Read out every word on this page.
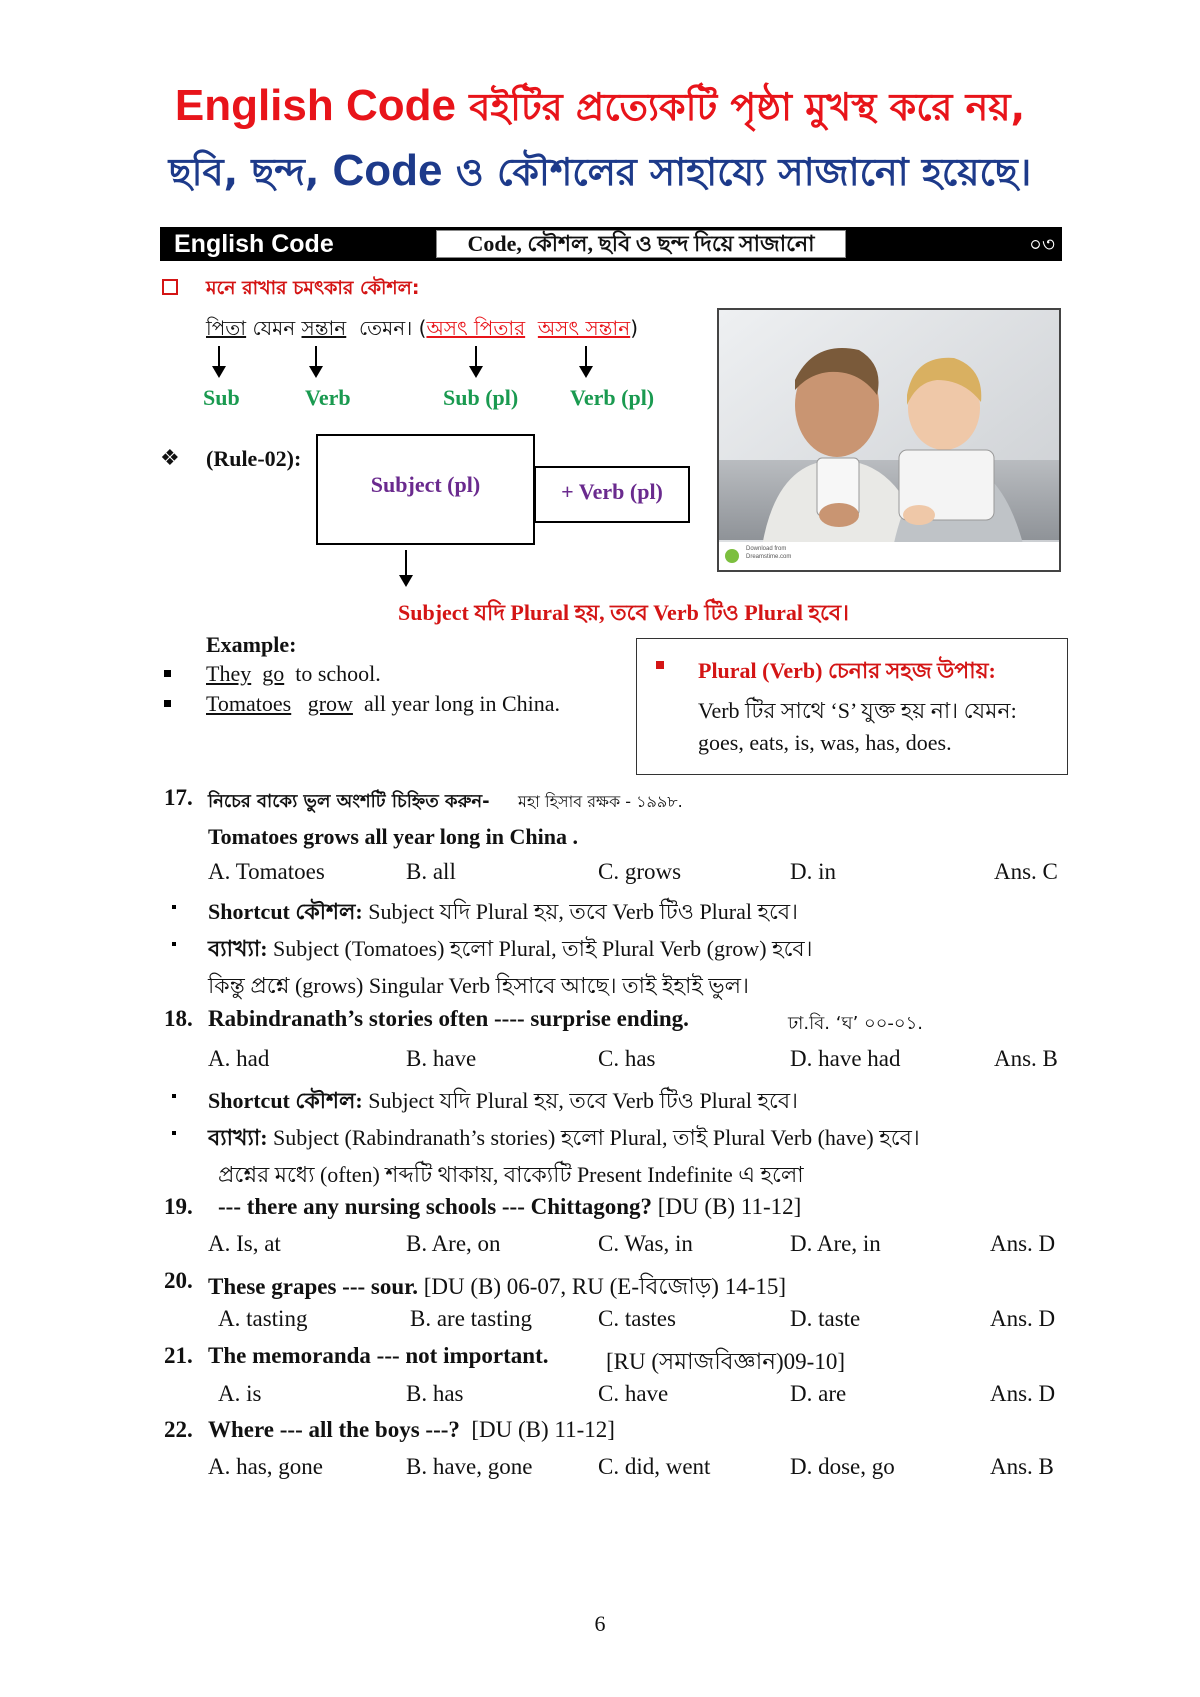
English Code বইটির প্রত্যেকটি পৃষ্ঠা মুখস্থ করে নয়,
ছবি, ছন্দ, Code ও কৌশলের সাহায্যে সাজানো হয়েছে।
English Code	Code, কৌশল, ছবি ও ছন্দ দিয়ে সাজানো	০৩
মনে রাখার চমৎকার কৌশল:
পিতা যেমন সন্তান তেমন। (অসৎ পিতার অসৎ সন্তান)
Sub	Verb	Sub (pl) Verb (pl)
❖ (Rule-02):
Subject (pl)	+ Verb (pl)
Subject যদি Plural হয়, তবে Verb টিও Plural হবে।
Download from
Dreamstime.com
Example:
They go to school.
Tomatoes grow all year long in China.
Plural (Verb) চেনার সহজ উপায়:
Verb টির সাথে ‘S’ যুক্ত হয় না। যেমন:
goes, eats, is, was, has, does.
17. নিচের বাক্যে ভুল অংশটি চিহ্নিত করুন- মহা হিসাব রক্ষক - ১৯৯৮.
Tomatoes grows all year long in China .
A. Tomatoes	B. all	C. grows	D. in	Ans. C
Shortcut কৌশল: Subject যদি Plural হয়, তবে Verb টিও Plural হবে।
ব্যাখ্যা: Subject (Tomatoes) হলো Plural, তাই Plural Verb (grow) হবে।
কিন্তু প্রশ্নে (grows) Singular Verb হিসাবে আছে। তাই ইহাই ভুল।
18. Rabindranath’s stories often ---- surprise ending.	ঢা.বি. ‘ঘ’ ০০-০১.
A. had	B. have	C. has	D. have had	Ans. B
Shortcut কৌশল: Subject যদি Plural হয়, তবে Verb টিও Plural হবে।
ব্যাখ্যা: Subject (Rabindranath’s stories) হলো Plural, তাই Plural Verb (have) হবে।
প্রশ্নের মধ্যে (often) শব্দটি থাকায়, বাক্যেটি Present Indefinite এ হলো
19. --- there any nursing schools --- Chittagong? [DU (B) 11-12]
A. Is, at	B. Are, on	C. Was, in	D. Are, in	Ans. D
20. These grapes --- sour. [DU (B) 06-07, RU (E-বিজোড়) 14-15]
A. tasting	B. are tasting	C. tastes	D. taste	Ans. D
21. The memoranda --- not important.	[RU (সমাজবিজ্ঞান)09-10]
A. is	B. has	C. have	D. are	Ans. D
22. Where --- all the boys ---?  [DU (B) 11-12]
A. has, gone	B. have, gone	C. did, went	D. dose, go	Ans. B
6
